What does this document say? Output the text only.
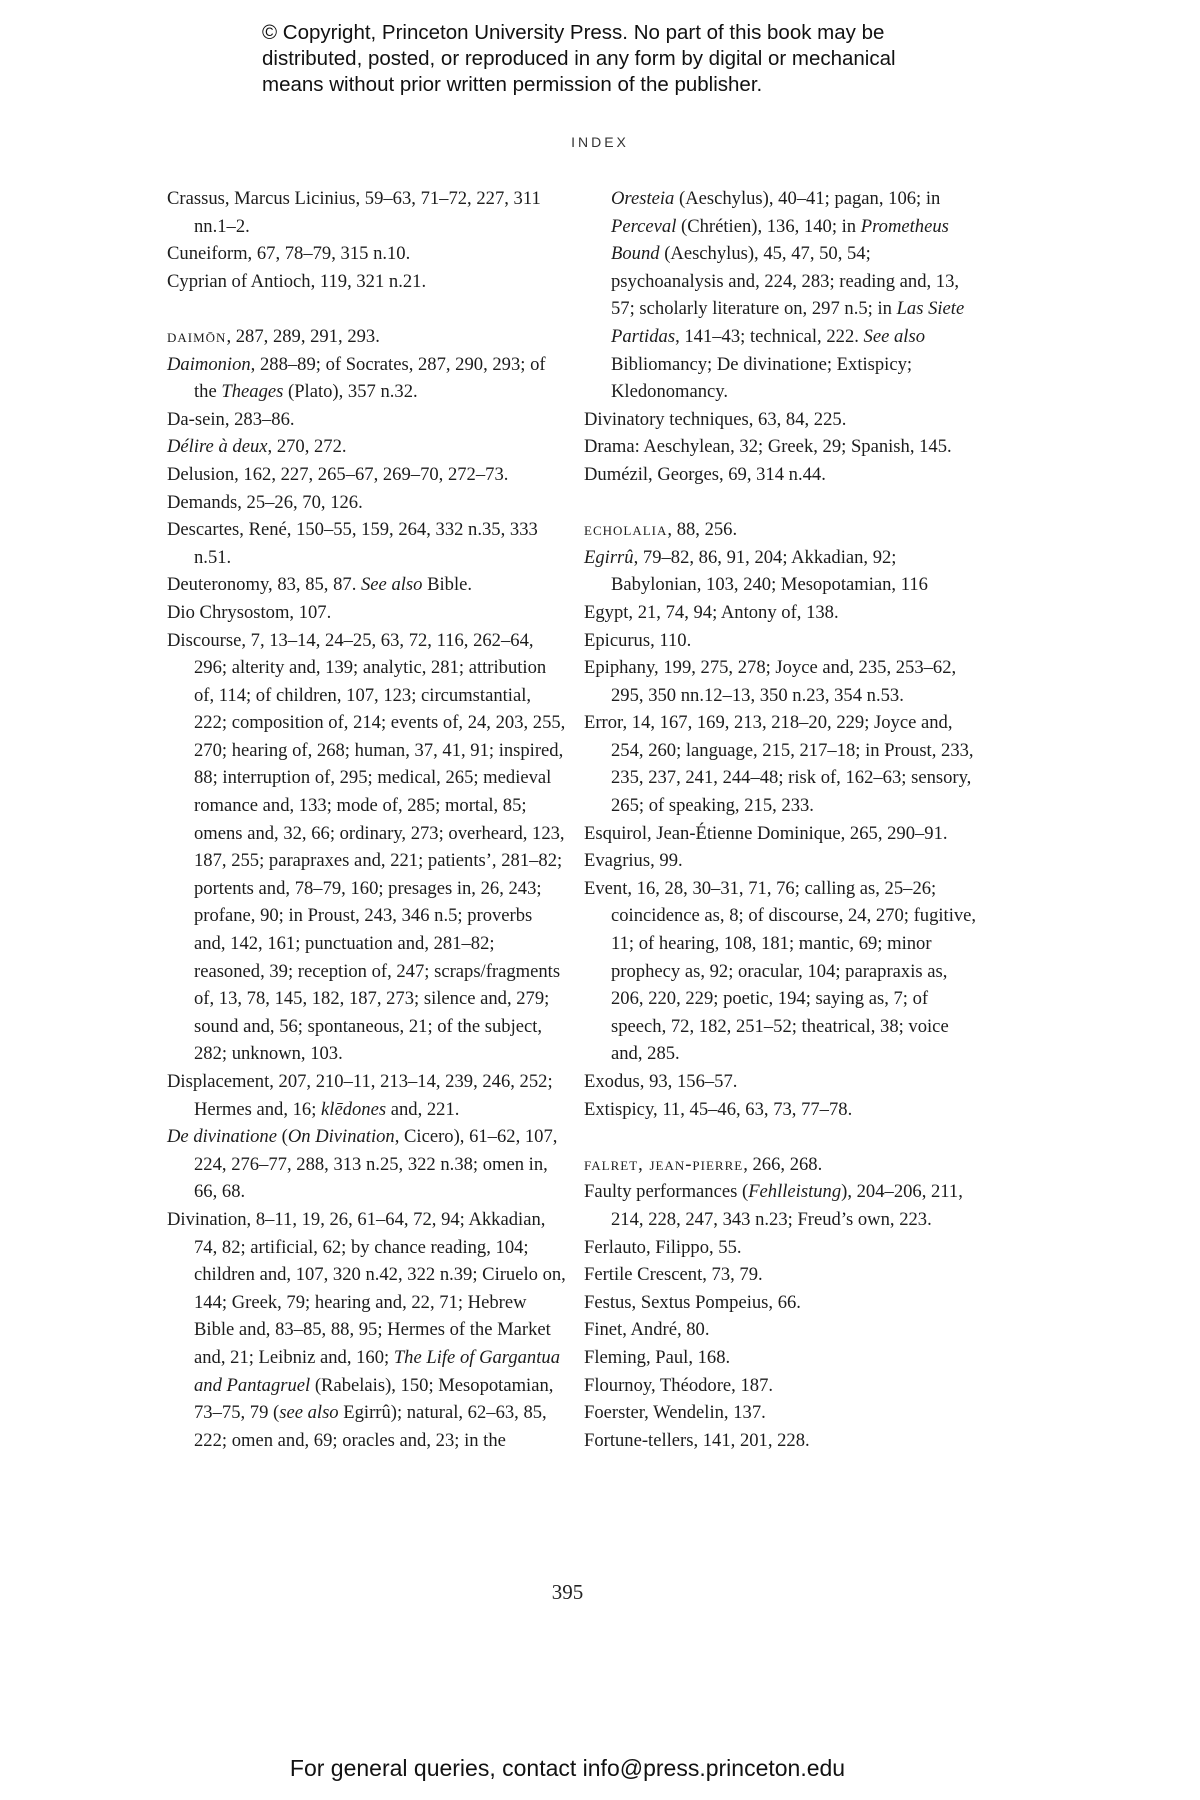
© Copyright, Princeton University Press. No part of this book may be
distributed, posted, or reproduced in any form by digital or mechanical
means without prior written permission of the publisher.
INDEX
Crassus, Marcus Licinius, 59–63, 71–72, 227, 311 nn.1–2.
Cuneiform, 67, 78–79, 315 n.10.
Cyprian of Antioch, 119, 321 n.21.
daimōn, 287, 289, 291, 293.
Daimonion, 288–89; of Socrates, 287, 290, 293; of the Theages (Plato), 357 n.32.
Da-sein, 283–86.
Délire à deux, 270, 272.
Delusion, 162, 227, 265–67, 269–70, 272–73.
Demands, 25–26, 70, 126.
Descartes, René, 150–55, 159, 264, 332 n.35, 333 n.51.
Deuteronomy, 83, 85, 87. See also Bible.
Dio Chrysostom, 107.
Discourse, 7, 13–14, 24–25, 63, 72, 116, 262–64, 296; alterity and, 139; analytic, 281; attribution of, 114; of children, 107, 123; circumstantial, 222; composition of, 214; events of, 24, 203, 255, 270; hearing of, 268; human, 37, 41, 91; inspired, 88; interruption of, 295; medical, 265; medieval romance and, 133; mode of, 285; mortal, 85; omens and, 32, 66; ordinary, 273; overheard, 123, 187, 255; parapraxes and, 221; patients’, 281–82; portents and, 78–79, 160; presages in, 26, 243; profane, 90; in Proust, 243, 346 n.5; proverbs and, 142, 161; punctuation and, 281–82; reasoned, 39; reception of, 247; scraps/fragments of, 13, 78, 145, 182, 187, 273; silence and, 279; sound and, 56; spontaneous, 21; of the subject, 282; unknown, 103.
Displacement, 207, 210–11, 213–14, 239, 246, 252; Hermes and, 16; klēdones and, 221.
De divinatione (On Divination, Cicero), 61–62, 107, 224, 276–77, 288, 313 n.25, 322 n.38; omen in, 66, 68.
Divination, 8–11, 19, 26, 61–64, 72, 94; Akkadian, 74, 82; artificial, 62; by chance reading, 104; children and, 107, 320 n.42, 322 n.39; Ciruelo on, 144; Greek, 79; hearing and, 22, 71; Hebrew Bible and, 83–85, 88, 95; Hermes of the Market and, 21; Leibniz and, 160; The Life of Gargantua and Pantagruel (Rabelais), 150; Mesopotamian, 73–75, 79 (see also Egirrû); natural, 62–63, 85, 222; omen and, 69; oracles and, 23; in the
Oresteia (Aeschylus), 40–41; pagan, 106; in Perceval (Chrétien), 136, 140; in Prometheus Bound (Aeschylus), 45, 47, 50, 54; psychoanalysis and, 224, 283; reading and, 13, 57; scholarly literature on, 297 n.5; in Las Siete Partidas, 141–43; technical, 222. See also Bibliomancy; De divinatione; Extispicy; Kledonomancy.
Divinatory techniques, 63, 84, 225.
Drama: Aeschylean, 32; Greek, 29; Spanish, 145.
Dumézil, Georges, 69, 314 n.44.
echolalia, 88, 256.
Egirrû, 79–82, 86, 91, 204; Akkadian, 92; Babylonian, 103, 240; Mesopotamian, 116
Egypt, 21, 74, 94; Antony of, 138.
Epicurus, 110.
Epiphany, 199, 275, 278; Joyce and, 235, 253–62, 295, 350 nn.12–13, 350 n.23, 354 n.53.
Error, 14, 167, 169, 213, 218–20, 229; Joyce and, 254, 260; language, 215, 217–18; in Proust, 233, 235, 237, 241, 244–48; risk of, 162–63; sensory, 265; of speaking, 215, 233.
Esquirol, Jean-Étienne Dominique, 265, 290–91.
Evagrius, 99.
Event, 16, 28, 30–31, 71, 76; calling as, 25–26; coincidence as, 8; of discourse, 24, 270; fugitive, 11; of hearing, 108, 181; mantic, 69; minor prophecy as, 92; oracular, 104; parapraxis as, 206, 220, 229; poetic, 194; saying as, 7; of speech, 72, 182, 251–52; theatrical, 38; voice and, 285.
Exodus, 93, 156–57.
Extispicy, 11, 45–46, 63, 73, 77–78.
falret, jean-pierre, 266, 268.
Faulty performances (Fehlleistung), 204–206, 211, 214, 228, 247, 343 n.23; Freud’s own, 223.
Ferlauto, Filippo, 55.
Fertile Crescent, 73, 79.
Festus, Sextus Pompeius, 66.
Finet, André, 80.
Fleming, Paul, 168.
Flournoy, Théodore, 187.
Foerster, Wendelin, 137.
Fortune-tellers, 141, 201, 228.
395
For general queries, contact info@press.princeton.edu
